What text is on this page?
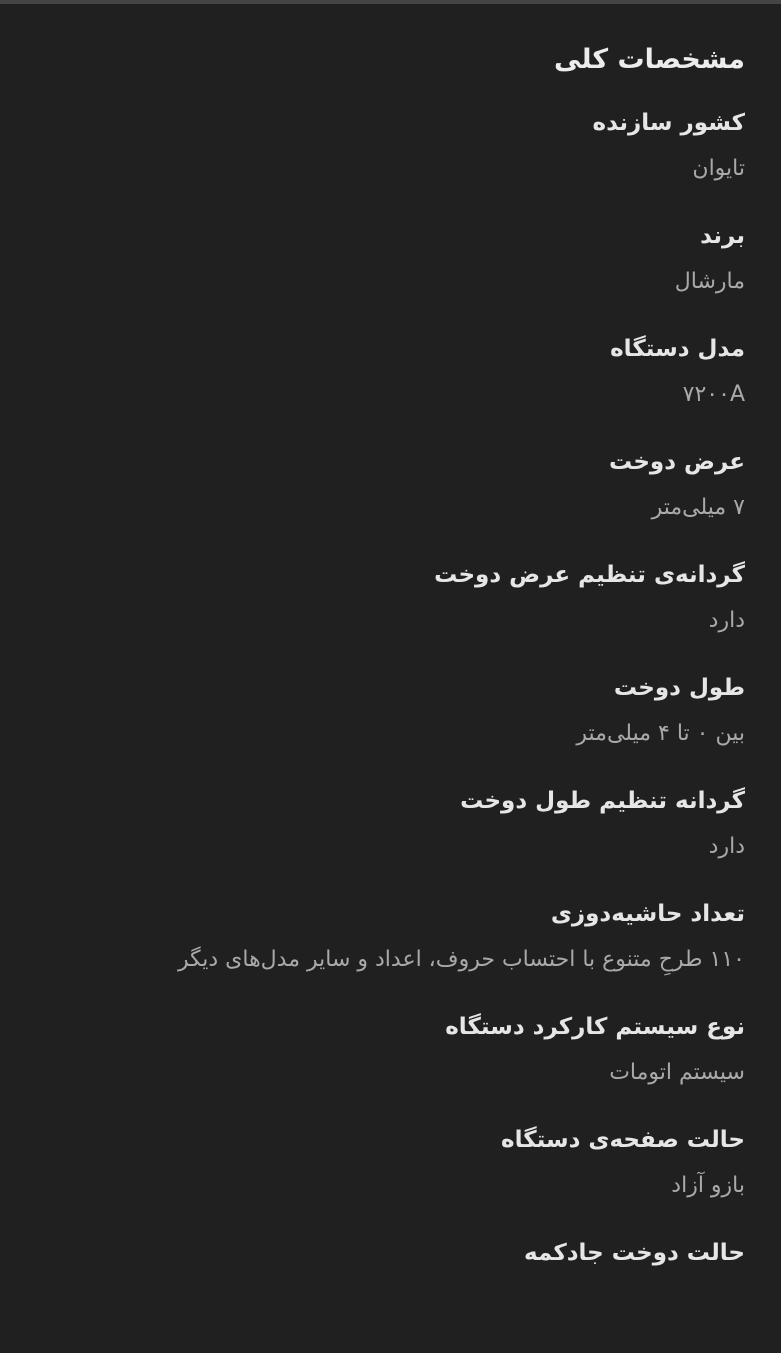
مشخصات کلی
کشور سازنده
تایوان
برند
مارشال
مدل دستگاه
۷۲۰۰A
عرض دوخت
۷ میلی‌متر
گردانه‌ی تنظیم عرض دوخت
دارد
طول دوخت
بین ۰ تا ۴ میلی‌متر
گردانه تنظیم طول دوخت
دارد
تعداد حاشیه‌دوزی
۱۱۰ طرحِ متنوع با احتساب حروف، اعداد و سایر مدل‌های دیگر
نوع سیستم کارکرد دستگاه
سیستم اتومات
حالت صفحه‌ی دستگاه
بازو آزاد
حالت دوخت جادکمه
